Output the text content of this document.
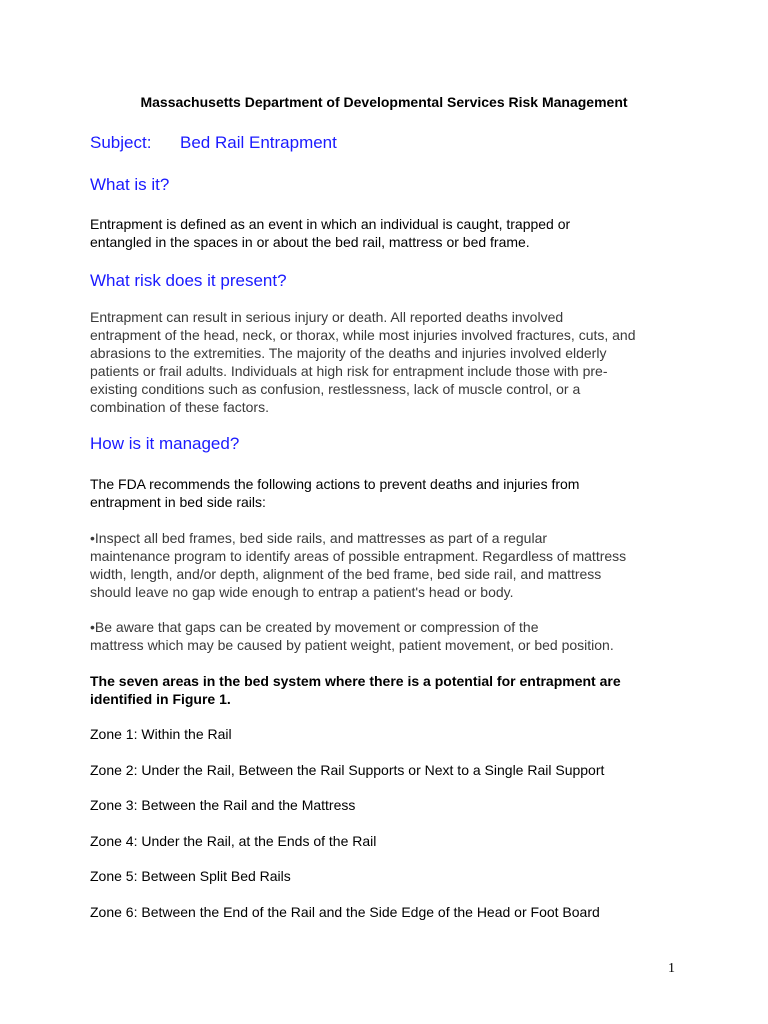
Massachusetts Department of Developmental Services Risk Management
Subject: Bed Rail Entrapment
What is it?
Entrapment is defined as an event in which an individual is caught, trapped or
entangled in the spaces in or about the bed rail, mattress or bed frame.
What risk does it present?
Entrapment can result in serious injury or death. All reported deaths involved
entrapment of the head, neck, or thorax, while most injuries involved fractures, cuts, and
abrasions to the extremities. The majority of the deaths and injuries involved elderly
patients or frail adults. Individuals at high risk for entrapment include those with pre-
existing conditions such as confusion, restlessness, lack of muscle control, or a
combination of these factors.
How is it managed?
The FDA recommends the following actions to prevent deaths and injuries from
entrapment in bed side rails:
•Inspect all bed frames, bed side rails, and mattresses as part of a regular
maintenance program to identify areas of possible entrapment. Regardless of mattress
width, length, and/or depth, alignment of the bed frame, bed side rail, and mattress
should leave no gap wide enough to entrap a patient's head or body.
•Be aware that gaps can be created by movement or compression of the
mattress which may be caused by patient weight, patient movement, or bed position.
The seven areas in the bed system where there is a potential for entrapment are
identified in Figure 1.
Zone 1: Within the Rail
Zone 2: Under the Rail, Between the Rail Supports or Next to a Single Rail Support
Zone 3: Between the Rail and the Mattress
Zone 4: Under the Rail, at the Ends of the Rail
Zone 5: Between Split Bed Rails
Zone 6: Between the End of the Rail and the Side Edge of the Head or Foot Board
1
